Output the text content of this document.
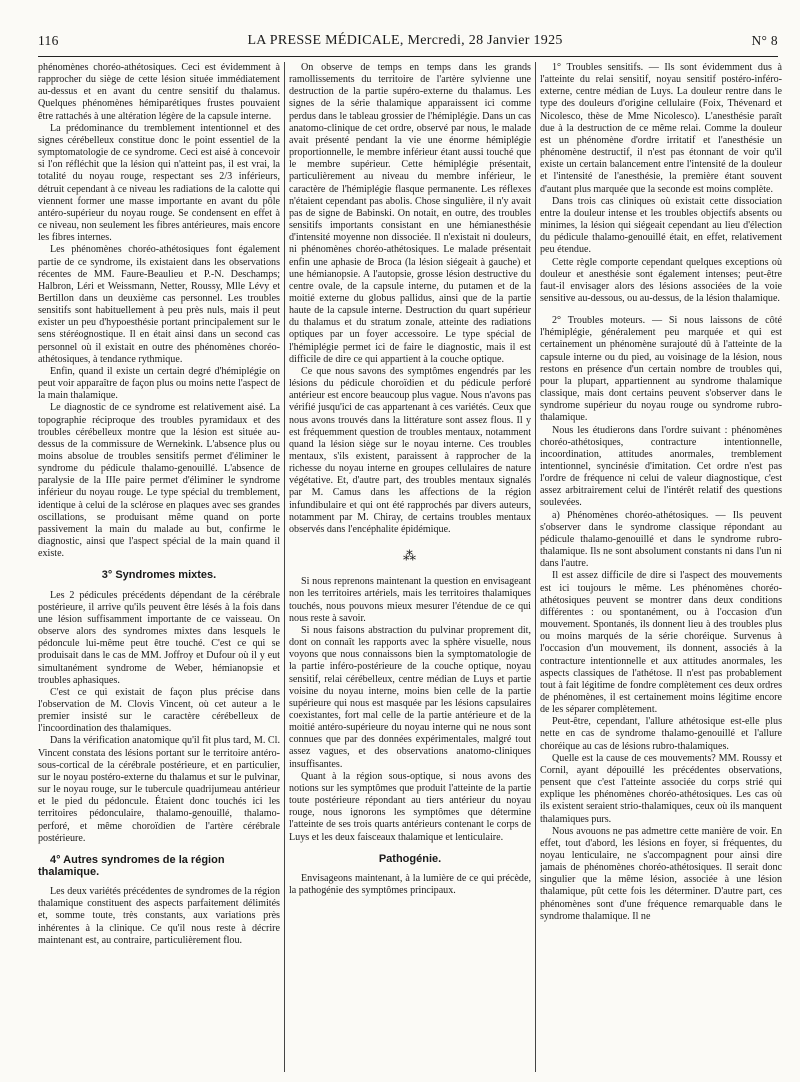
116	LA PRESSE MÉDICALE, Mercredi, 28 Janvier 1925	N° 8

phénomènes choréo-athétosiques. Ceci est évidemment à rapprocher du siège de cette lésion située immédiatement au-dessus et en avant du centre sensitif du thalamus. Quelques phénomènes hémiparétiques frustes pouvaient être rattachés à une altération légère de la capsule interne.

La prédominance du tremblement intentionnel et des signes cérébelleux constitue donc le point essentiel de la symptomatologie de ce syndrome. Ceci est aisé à concevoir si l'on réfléchit que la lésion qui n'atteint pas, il est vrai, la totalité du noyau rouge, respectant ses 2/3 inférieurs, détruit cependant à ce niveau les radiations de la calotte qui viennent former une masse importante en avant du pôle antéro-supérieur du noyau rouge. Se condensent en effet à ce niveau, non seulement les fibres antérieures, mais encore les fibres internes.

Les phénomènes choréo-athétosiques font également partie de ce syndrome, ils existaient dans les observations récentes de MM. Faure-Beaulieu et P.-N. Deschamps; Halbron, Léri et Weissmann, Netter, Roussy, Mlle Lévy et Bertillon dans un deuxième cas personnel. Les troubles sensitifs sont habituellement à peu près nuls, mais il peut exister un peu d'hypoesthésie portant principalement sur le sens stéréognostique. Il en était ainsi dans un second cas personnel où il existait en outre des phénomènes choréo-athétosiques, à tendance rythmique.

Enfin, quand il existe un certain degré d'hémiplégie on peut voir apparaître de façon plus ou moins nette l'aspect de la main thalamique.

Le diagnostic de ce syndrome est relativement aisé. La topographie réciproque des troubles pyramidaux et des troubles cérébelleux montre que la lésion est située au-dessus de la commissure de Wernekink. L'absence plus ou moins absolue de troubles sensitifs permet d'éliminer le syndrome du pédicule thalamo-genouillé. L'absence de paralysie de la IIIe paire permet d'éliminer le syndrome inférieur du noyau rouge. Le type spécial du tremblement, identique à celui de la sclérose en plaques avec ses grandes oscillations, se produisant même quand on porte passivement la main du malade au but, confirme le diagnostic, ainsi que l'aspect spécial de la main quand il existe.

3° Syndromes mixtes.

Les 2 pédicules précédents dépendant de la cérébrale postérieure, il arrive qu'ils peuvent être lésés à la fois dans une lésion suffisamment importante de ce vaisseau. On observe alors des syndromes mixtes dans lesquels le pédoncule lui-même peut être touché. C'est ce qui se produisait dans le cas de MM. Joffroy et Dufour où il y eut simultanément syndrome de Weber, hémianopsie et troubles aphasiques.

C'est ce qui existait de façon plus précise dans l'observation de M. Clovis Vincent, où cet auteur a le premier insisté sur le caractère cérébelleux de l'incoordination des thalamiques.

Dans la vérification anatomique qu'il fit plus tard, M. Cl. Vincent constata des lésions portant sur le territoire antéro-sous-cortical de la cérébrale postérieure, et en particulier, sur le noyau postéro-externe du thalamus et sur le pulvinar, sur le noyau rouge, sur le tubercule quadrijumeau antérieur et le pied du pédoncule. Étaient donc touchés ici les territoires pédonculaire, thalamo-genouillé, thalamo-perforé, et même choroïdien de l'artère cérébrale postérieure.

4° Autres syndromes de la région thalamique.

Les deux variétés précédentes de syndromes de la région thalamique constituent des aspects parfaitement délimités et, somme toute, très constants, aux variations près inhérentes à la clinique. Ce qu'il nous reste à décrire maintenant est, au contraire, particulièrement flou.

On observe de temps en temps dans les grands ramollissements du territoire de l'artère sylvienne une destruction de la partie supéro-externe du thalamus. Les signes de la série thalamique apparaissent ici comme perdus dans le tableau grossier de l'hémiplégie. Dans un cas anatomo-clinique de cet ordre, observé par nous, le malade avait présenté pendant la vie une énorme hémiplégie proportionnelle, le membre inférieur étant aussi touché que le membre supérieur. Cette hémiplégie présentait, particulièrement au niveau du membre inférieur, le caractère de l'hémiplégie flasque permanente. Les réflexes n'étaient cependant pas abolis. Chose singulière, il n'y avait pas de signe de Babinski. On notait, en outre, des troubles sensitifs importants consistant en une hémianesthésie d'intensité moyenne non dissociée. Il n'existait ni douleurs, ni phénomènes choréo-athétosiques. Le malade présentait enfin une aphasie de Broca (la lésion siégeait à gauche) et une hémianopsie. A l'autopsie, grosse lésion destructive du centre ovale, de la capsule interne, du putamen et de la moitié externe du globus pallidus, ainsi que de la partie haute de la capsule interne. Destruction du quart supérieur du thalamus et du stratum zonale, atteinte des radiations optiques par un foyer accessoire. Le type spécial de l'hémiplégie permet ici de faire le diagnostic, mais il est difficile de dire ce qui appartient à la couche optique.

Ce que nous savons des symptômes engendrés par les lésions du pédicule choroïdien et du pédicule perforé antérieur est encore beaucoup plus vague. Nous n'avons pas vérifié jusqu'ici de cas appartenant à ces variétés. Ceux que nous avons trouvés dans la littérature sont assez flous. Il y est fréquemment question de troubles mentaux, notamment quand la lésion siège sur le noyau interne. Ces troubles mentaux, s'ils existent, paraissent à rapprocher de la richesse du noyau interne en groupes cellulaires de nature végétative. Et, d'autre part, des troubles mentaux signalés par M. Camus dans les affections de la région infundibulaire et qui ont été rapprochés par divers auteurs, notamment par M. Chiray, de certains troubles mentaux observés dans l'encéphalite épidémique.

⁂

Si nous reprenons maintenant la question en envisageant non les territoires artériels, mais les territoires thalamiques touchés, nous pouvons mieux mesurer l'étendue de ce qui nous reste à savoir.

Si nous faisons abstraction du pulvinar proprement dit, dont on connaît les rapports avec la sphère visuelle, nous voyons que nous connaissons bien la symptomatologie de la partie inféro-postérieure de la couche optique, noyau sensitif, relai cérébelleux, centre médian de Luys et partie voisine du noyau interne, moins bien celle de la partie supérieure qui nous est masquée par les lésions capsulaires coexistantes, fort mal celle de la partie antérieure et de la moitié antéro-supérieure du noyau interne qui ne nous sont connues que par des données expérimentales, malgré tout assez vagues, et des observations anatomo-cliniques insuffisantes.

Quant à la région sous-optique, si nous avons des notions sur les symptômes que produit l'atteinte de la partie toute postérieure répondant au tiers antérieur du noyau rouge, nous ignorons les symptômes que détermine l'atteinte de ses trois quarts antérieurs contenant le corps de Luys et les deux faisceaux thalamique et lenticulaire.

Pathogénie.

Envisageons maintenant, à la lumière de ce qui précède, la pathogénie des symptômes principaux.

1° Troubles sensitifs. — Ils sont évidemment dus à l'atteinte du relai sensitif, noyau sensitif postéro-inféro-externe, centre médian de Luys. La douleur rentre dans le type des douleurs d'origine cellulaire (Foix, Thévenard et Nicolesco, thèse de Mme Nicolesco). L'anesthésie paraît due à la destruction de ce même relai. Comme la douleur est un phénomène d'ordre irritatif et l'anesthésie un phénomène destructif, il n'est pas étonnant de voir qu'il existe un certain balancement entre l'intensité de la douleur et l'intensité de l'anesthésie, la première étant souvent d'autant plus marquée que la seconde est moins complète.

Dans trois cas cliniques où existait cette dissociation entre la douleur intense et les troubles objectifs absents ou minimes, la lésion qui siégeait cependant au lieu d'élection du pédicule thalamo-genouillé était, en effet, relativement peu étendue.

Cette règle comporte cependant quelques exceptions où douleur et anesthésie sont également intenses; peut-être faut-il envisager alors des lésions associées de la voie sensitive au-dessous, ou au-dessus, de la lésion thalamique.

2° Troubles moteurs. — Si nous laissons de côté l'hémiplégie, généralement peu marquée et qui est certainement un phénomène surajouté dû à l'atteinte de la capsule interne ou du pied, au voisinage de la lésion, nous restons en présence d'un certain nombre de troubles qui, pour la plupart, appartiennent au syndrome thalamique classique, mais dont certains peuvent s'observer dans le syndrome supérieur du noyau rouge ou syndrome rubro-thalamique.

Nous les étudierons dans l'ordre suivant : phénomènes choréo-athétosiques, contracture intentionnelle, incoordination, attitudes anormales, tremblement intentionnel, syncinésie d'imitation. Cet ordre n'est pas l'ordre de fréquence ni celui de valeur diagnostique, c'est assez arbitrairement celui de l'intérêt relatif des questions soulevées.

a) Phénomènes choréo-athétosiques. — Ils peuvent s'observer dans le syndrome classique répondant au pédicule thalamo-genouillé et dans le syndrome rubro-thalamique. Ils ne sont absolument constants ni dans l'un ni dans l'autre.

Il est assez difficile de dire si l'aspect des mouvements est ici toujours le même. Les phénomènes choréo-athétosiques peuvent se montrer dans deux conditions différentes : ou spontanément, ou à l'occasion d'un mouvement. Spontanés, ils donnent lieu à des troubles plus ou moins marqués de la série choréique. Survenus à l'occasion d'un mouvement, ils donnent, associés à la contracture intentionnelle et aux attitudes anormales, les aspects classiques de l'athétose. Il n'est pas probablement tout à fait légitime de fondre complètement ces deux ordres de phénomènes, il est certainement moins légitime encore de les séparer complètement.

Peut-être, cependant, l'allure athétosique est-elle plus nette en cas de syndrome thalamo-genouillé et l'allure choréique au cas de lésions rubro-thalamiques.

Quelle est la cause de ces mouvements? MM. Roussy et Cornil, ayant dépouillé les précédentes observations, pensent que c'est l'atteinte associée du corps strié qui explique les phénomènes choréo-athétosiques. Les cas où ils existent seraient strio-thalamiques, ceux où ils manquent thalamiques purs.

Nous avouons ne pas admettre cette manière de voir. En effet, tout d'abord, les lésions en foyer, si fréquentes, du noyau lenticulaire, ne s'accompagnent pour ainsi dire jamais de phénomènes choréo-athétosiques. Il serait donc singulier que la même lésion, associée à une lésion thalamique, pût cette fois les déterminer. D'autre part, ces phénomènes sont d'une fréquence remarquable dans le syndrome thalamique. Il ne
